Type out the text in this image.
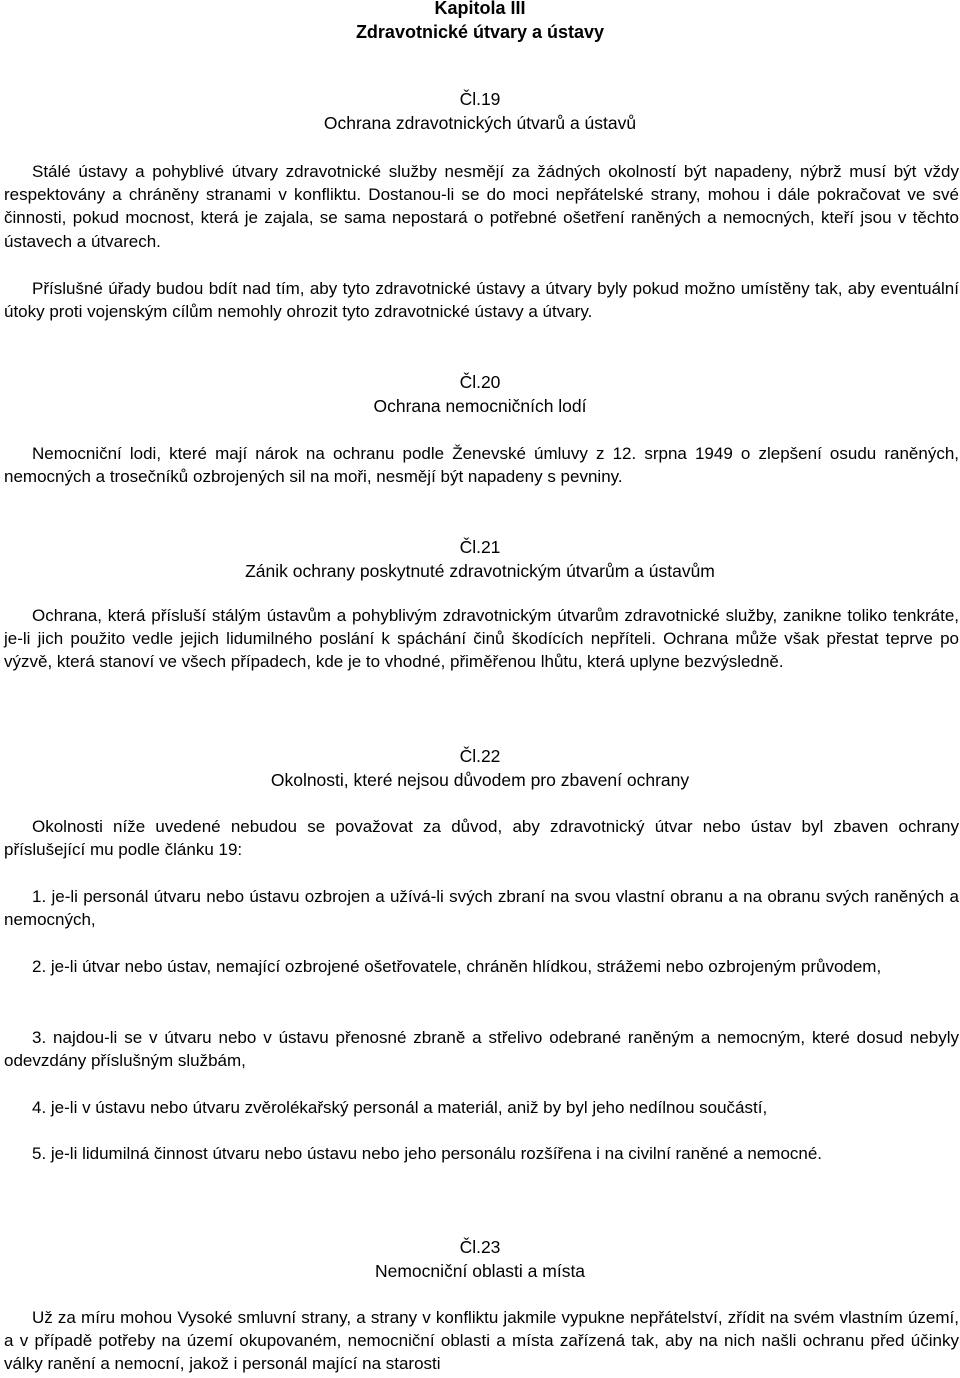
Kapitola III
Zdravotnické útvary a ústavy
Čl.19
Ochrana zdravotnických útvarů a ústavů

Stálé ústavy a pohyblivé útvary zdravotnické služby nesmějí za žádných okolností být napadeny, nýbrž musí být vždy respektovány a chráněny stranami v konfliktu. Dostanou-li se do moci nepřátelské strany, mohou i dále pokračovat ve své činnosti, pokud mocnost, která je zajala, se sama nepostará o potřebné ošetření raněných a nemocných, kteří jsou v těchto ústavech a útvarech.

Příslušné úřady budou bdít nad tím, aby tyto zdravotnické ústavy a útvary byly pokud možno umístěny tak, aby eventuální útoky proti vojenským cílům nemohly ohrozit tyto zdravotnické ústavy a útvary.

Čl.20
Ochrana nemocničních lodí

Nemocniční lodi, které mají nárok na ochranu podle Ženevské úmluvy z 12. srpna 1949 o zlepšení osudu raněných, nemocných a trosečníků ozbrojených sil na moři, nesmějí být napadeny s pevniny.

Čl.21
Zánik ochrany poskytnuté zdravotnickým útvarům a ústavům

Ochrana, která přísluší stálým ústavům a pohyblivým zdravotnickým útvarům zdravotnické služby, zanikne toliko tenkráte, je-li jich použito vedle jejich lidumilného poslání k spáchání činů škodících nepříteli. Ochrana může však přestat teprve po výzvě, která stanoví ve všech případech, kde je to vhodné, přiměřenou lhůtu, která uplyne bezvýsledně.

Čl.22
Okolnosti, které nejsou důvodem pro zbavení ochrany

Okolnosti níže uvedené nebudou se považovat za důvod, aby zdravotnický útvar nebo ústav byl zbaven ochrany příslušející mu podle článku 19:

1. je-li personál útvaru nebo ústavu ozbrojen a užívá-li svých zbraní na svou vlastní obranu a na obranu svých raněných a nemocných,

2. je-li útvar nebo ústav, nemající ozbrojené ošetřovatele, chráněn hlídkou, strážemi nebo ozbrojeným průvodem,

3. najdou-li se v útvaru nebo v ústavu přenosné zbraně a střelivo odebrané raněným a nemocným, které dosud nebyly odevzdány příslušným službám,

4. je-li v ústavu nebo útvaru zvěrolékařský personál a materiál, aniž by byl jeho nedílnou součástí,

5. je-li lidumilná činnost útvaru nebo ústavu nebo jeho personálu rozšířena i na civilní raněné a nemocné.

Čl.23
Nemocniční oblasti a místa

Už za míru mohou Vysoké smluvní strany, a strany v konfliktu jakmile vypukne nepřátelství, zřídit na svém vlastním území, a v případě potřeby na území okupovaném, nemocniční oblasti a místa zařízená tak, aby na nich našli ochranu před účinky války ranění a nemocní, jakož i personál mající na starosti
